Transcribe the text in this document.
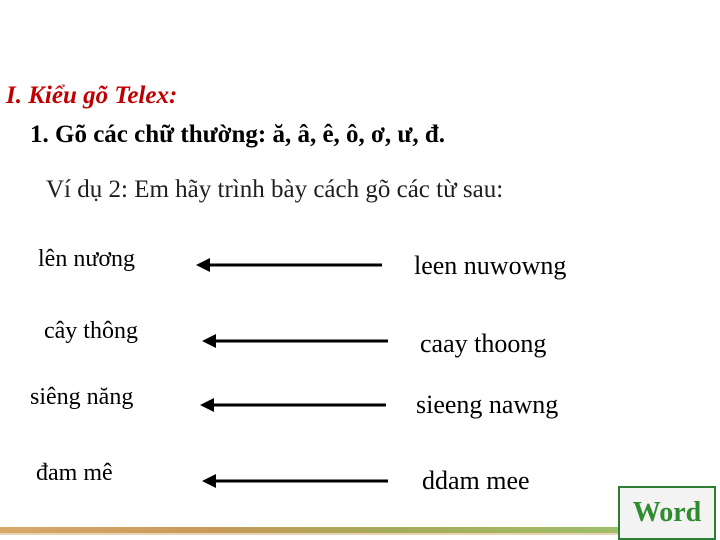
I. Kiểu gõ Telex:
1. Gõ các chữ thường: ă, â, ê, ô, ơ, ư, đ.
Ví dụ 2: Em hãy trình bày cách gõ các từ sau:
lên nương	leen nuwowng
cây thông	caay thoong
siêng năng	sieeng nawng
đam mê	ddam mee
Word
